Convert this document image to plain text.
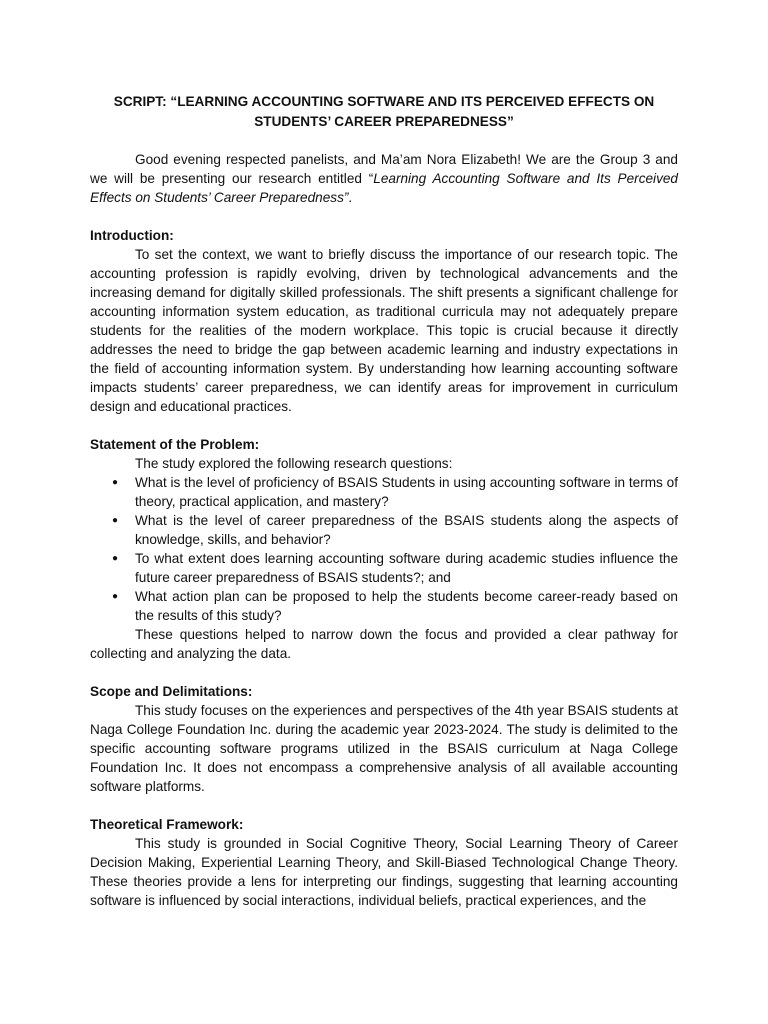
SCRIPT: “LEARNING ACCOUNTING SOFTWARE AND ITS PERCEIVED EFFECTS ON STUDENTS’ CAREER PREPAREDNESS”

Good evening respected panelists, and Ma’am Nora Elizabeth! We are the Group 3 and we will be presenting our research entitled “Learning Accounting Software and Its Perceived Effects on Students’ Career Preparedness”.

Introduction:

To set the context, we want to briefly discuss the importance of our research topic. The accounting profession is rapidly evolving, driven by technological advancements and the increasing demand for digitally skilled professionals. The shift presents a significant challenge for accounting information system education, as traditional curricula may not adequately prepare students for the realities of the modern workplace. This topic is crucial because it directly addresses the need to bridge the gap between academic learning and industry expectations in the field of accounting information system. By understanding how learning accounting software impacts students’ career preparedness, we can identify areas for improvement in curriculum design and educational practices.

Statement of the Problem:

The study explored the following research questions:

● What is the level of proficiency of BSAIS Students in using accounting software in terms of theory, practical application, and mastery?
● What is the level of career preparedness of the BSAIS students along the aspects of knowledge, skills, and behavior?
● To what extent does learning accounting software during academic studies influence the future career preparedness of BSAIS students?; and
● What action plan can be proposed to help the students become career-ready based on the results of this study?

These questions helped to narrow down the focus and provided a clear pathway for collecting and analyzing the data.

Scope and Delimitations:

This study focuses on the experiences and perspectives of the 4th year BSAIS students at Naga College Foundation Inc. during the academic year 2023-2024. The study is delimited to the specific accounting software programs utilized in the BSAIS curriculum at Naga College Foundation Inc. It does not encompass a comprehensive analysis of all available accounting software platforms.

Theoretical Framework:

This study is grounded in Social Cognitive Theory, Social Learning Theory of Career Decision Making, Experiential Learning Theory, and Skill-Biased Technological Change Theory. These theories provide a lens for interpreting our findings, suggesting that learning accounting software is influenced by social interactions, individual beliefs, practical experiences, and the
